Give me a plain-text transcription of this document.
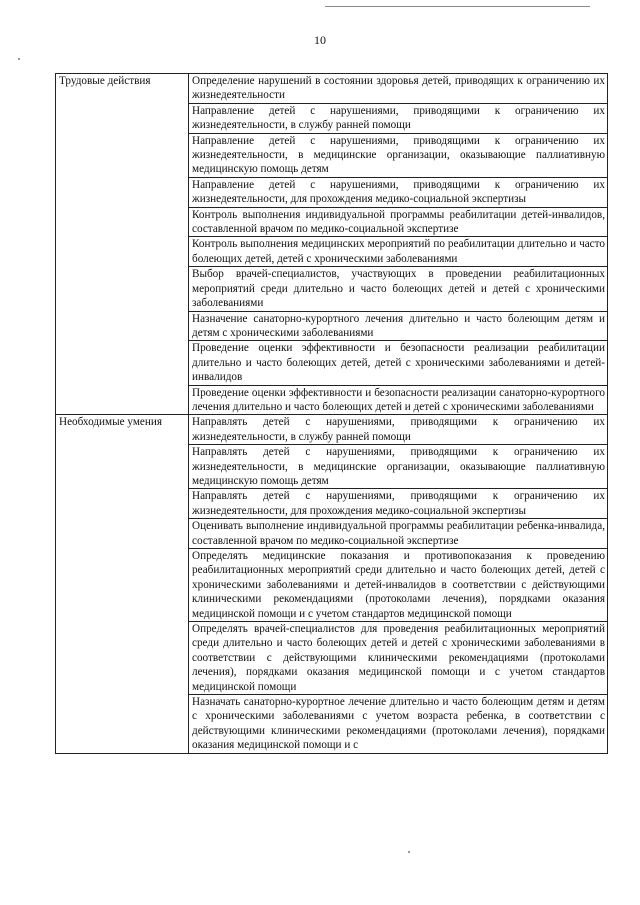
10
Трудовые действия	Определение нарушений в состоянии здоровья детей, приводящих к ограничению их жизнедеятельности
	Направление детей с нарушениями, приводящими к ограничению их жизнедеятельности, в службу ранней помощи
	Направление детей с нарушениями, приводящими к ограничению их жизнедеятельности, в медицинские организации, оказывающие паллиативную медицинскую помощь детям
	Направление детей с нарушениями, приводящими к ограничению их жизнедеятельности, для прохождения медико-социальной экспертизы
	Контроль выполнения индивидуальной программы реабилитации детей-инвалидов, составленной врачом по медико-социальной экспертизе
	Контроль выполнения медицинских мероприятий по реабилитации длительно и часто болеющих детей, детей с хроническими заболеваниями
	Выбор врачей-специалистов, участвующих в проведении реабилитационных мероприятий среди длительно и часто болеющих детей и детей с хроническими заболеваниями
	Назначение санаторно-курортного лечения длительно и часто болеющим детям и детям с хроническими заболеваниями
	Проведение оценки эффективности и безопасности реализации реабилитации длительно и часто болеющих детей, детей с хроническими заболеваниями и детей-инвалидов
	Проведение оценки эффективности и безопасности реализации санаторно-курортного лечения длительно и часто болеющих детей и детей с хроническими заболеваниями
Необходимые умения	Направлять детей с нарушениями, приводящими к ограничению их жизнедеятельности, в службу ранней помощи
	Направлять детей с нарушениями, приводящими к ограничению их жизнедеятельности, в медицинские организации, оказывающие паллиативную медицинскую помощь детям
	Направлять детей с нарушениями, приводящими к ограничению их жизнедеятельности, для прохождения медико-социальной экспертизы
	Оценивать выполнение индивидуальной программы реабилитации ребенка-инвалида, составленной врачом по медико-социальной экспертизе
	Определять медицинские показания и противопоказания к проведению реабилитационных мероприятий среди длительно и часто болеющих детей, детей с хроническими заболеваниями и детей-инвалидов в соответствии с действующими клиническими рекомендациями (протоколами лечения), порядками оказания медицинской помощи и с учетом стандартов медицинской помощи
	Определять врачей-специалистов для проведения реабилитационных мероприятий среди длительно и часто болеющих детей и детей с хроническими заболеваниями в соответствии с действующими клиническими рекомендациями (протоколами лечения), порядками оказания медицинской помощи и с учетом стандартов медицинской помощи
	Назначать санаторно-курортное лечение длительно и часто болеющим детям и детям с хроническими заболеваниями с учетом возраста ребенка, в соответствии с действующими клиническими рекомендациями (протоколами лечения), порядками оказания медицинской помощи и с
